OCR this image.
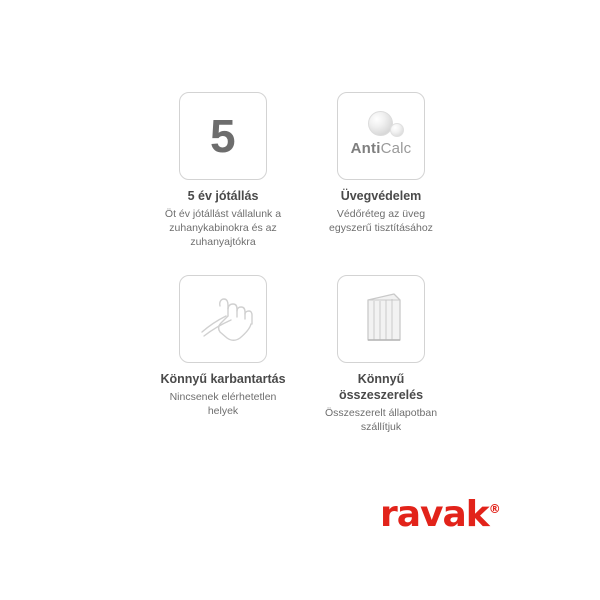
5
5 év jótállás
Öt év jótállást vállalunk a zuhanykabinokra és az zuhanyajtókra
AntiCalc
Üvegvédelem
Védőréteg az üveg egyszerű tisztításához
Könnyű karbantartás
Nincsenek elérhetetlen helyek
Könnyű összeszerelés
Összeszerelt állapotban szállítjuk
ravak®
